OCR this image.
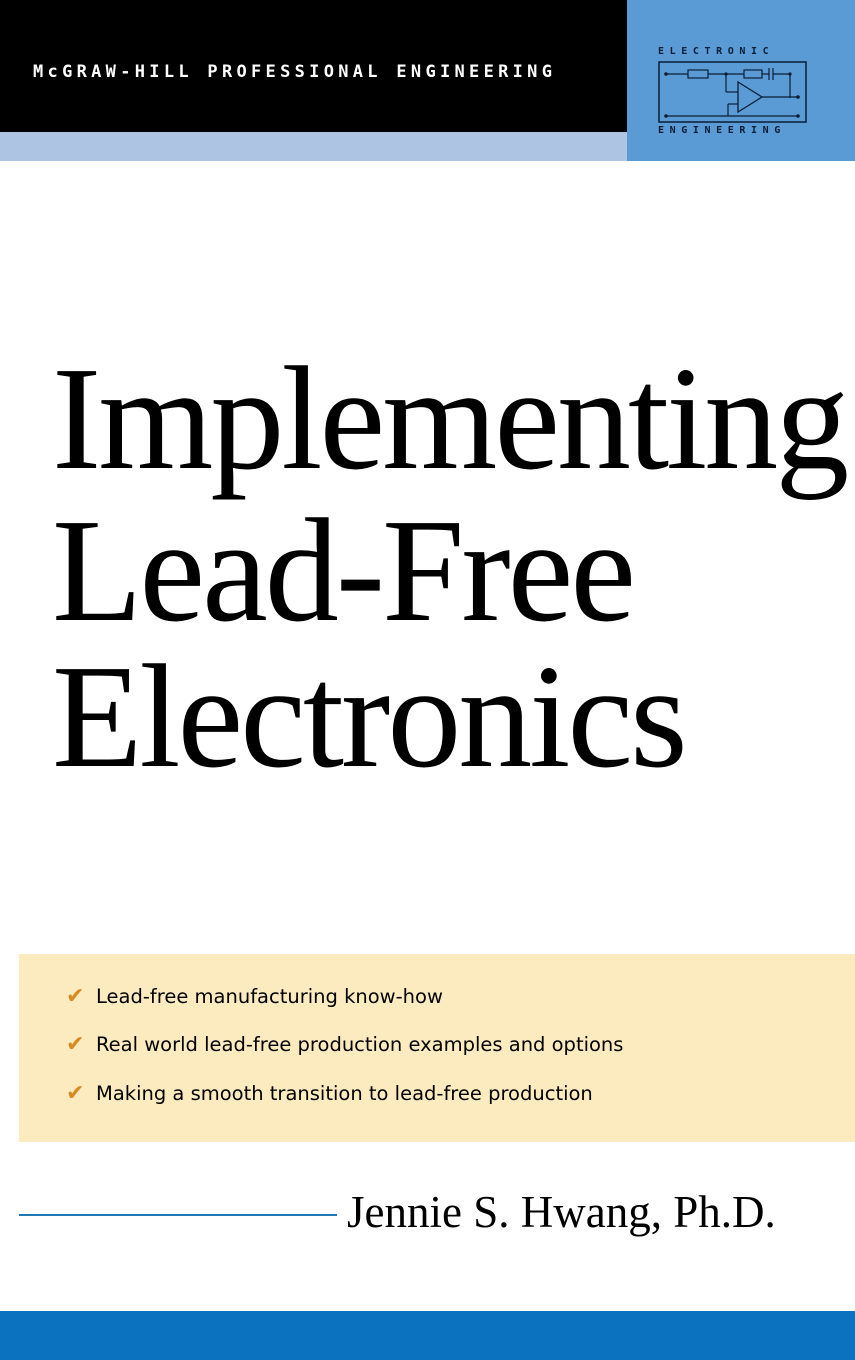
McGRAW-HILL PROFESSIONAL ENGINEERING
ELECTRONIC
ENGINEERING
Implementing
Lead-Free
Electronics
✔ Lead-free manufacturing know-how
✔ Real world lead-free production examples and options
✔ Making a smooth transition to lead-free production
Jennie S. Hwang, Ph.D.
